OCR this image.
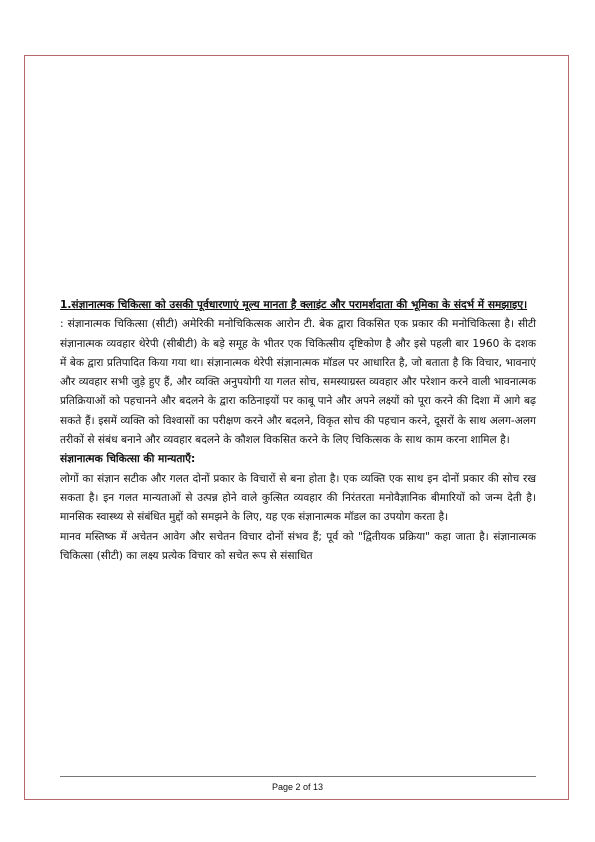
1.संज्ञानात्मक चिकित्सा को उसकी पूर्वधारणाएं मूल्य मानता है क्लाइंट और परामर्शदाता की भूमिका के संदर्भ में समझाइए।

: संज्ञानात्मक चिकित्सा (सीटी) अमेरिकी मनोचिकित्सक आरोन टी. बेक द्वारा विकसित एक प्रकार की मनोचिकित्सा है। सीटी संज्ञानात्मक व्यवहार थेरेपी (सीबीटी) के बड़े समूह के भीतर एक चिकित्सीय दृष्टिकोण है और इसे पहली बार 1960 के दशक में बेक द्वारा प्रतिपादित किया गया था। संज्ञानात्मक थेरेपी संज्ञानात्मक मॉडल पर आधारित है, जो बताता है कि विचार, भावनाएं और व्यवहार सभी जुड़े हुए हैं, और व्यक्ति अनुपयोगी या गलत सोच, समस्याग्रस्त व्यवहार और परेशान करने वाली भावनात्मक प्रतिक्रियाओं को पहचानने और बदलने के द्वारा कठिनाइयों पर काबू पाने और अपने लक्ष्यों को पूरा करने की दिशा में आगे बढ़ सकते हैं। इसमें व्यक्ति को विश्वासों का परीक्षण करने और बदलने, विकृत सोच की पहचान करने, दूसरों के साथ अलग-अलग तरीकों से संबंध बनाने और व्यवहार बदलने के कौशल विकसित करने के लिए चिकित्सक के साथ काम करना शामिल है।

संज्ञानात्मक चिकित्सा की मान्यताएँ:

लोगों का संज्ञान सटीक और गलत दोनों प्रकार के विचारों से बना होता है। एक व्यक्ति एक साथ इन दोनों प्रकार की सोच रख सकता है। इन गलत मान्यताओं से उत्पन्न होने वाले कुत्सित व्यवहार की निरंतरता मनोवैज्ञानिक बीमारियों को जन्म देती है। मानसिक स्वास्थ्य से संबंधित मुद्दों को समझने के लिए, यह एक संज्ञानात्मक मॉडल का उपयोग करता है।

मानव मस्तिष्क में अचेतन आवेग और सचेतन विचार दोनों संभव हैं; पूर्व को "द्वितीयक प्रक्रिया" कहा जाता है। संज्ञानात्मक चिकित्सा (सीटी) का लक्ष्य प्रत्येक विचार को सचेत रूप से संसाधित

Page 2 of 13
